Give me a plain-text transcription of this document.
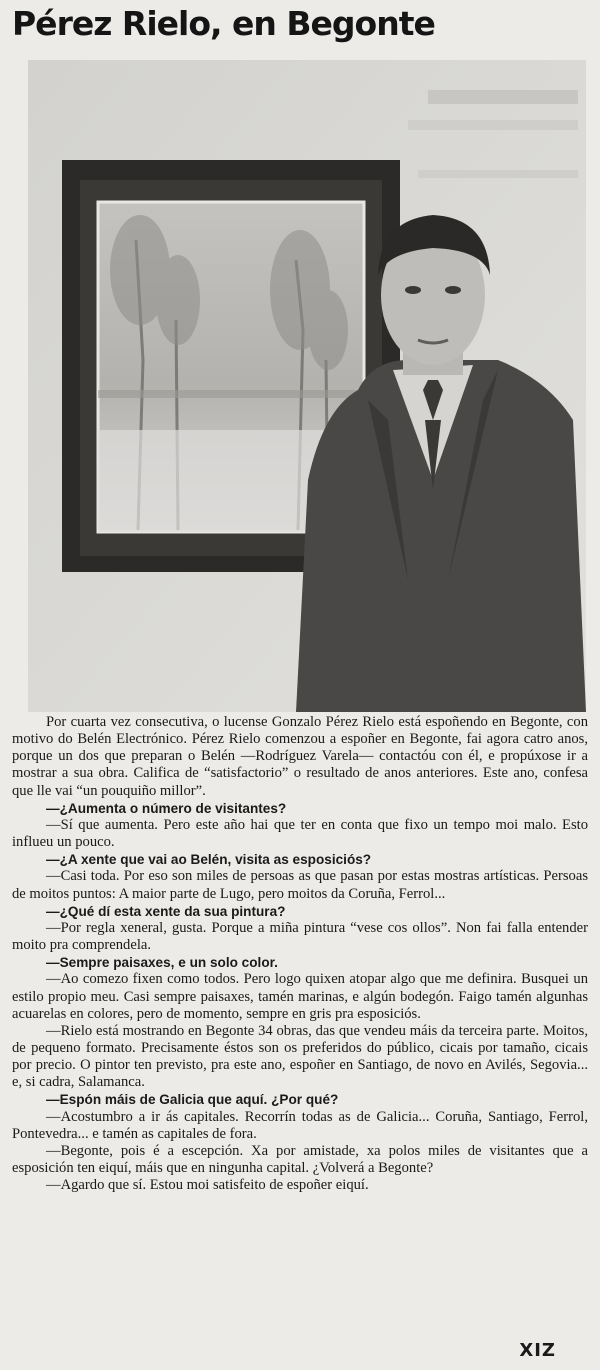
Pérez Rielo, en Begonte

Por cuarta vez consecutiva, o lucense Gonzalo Pérez Rielo está espoñendo en Begonte, con motivo do Belén Electrónico. Pérez Rielo comenzou a espoñer en Begonte, fai agora catro anos, porque un dos que preparan o Belén —Rodríguez Varela— contactóu con él, e propúxose ir a mostrar a sua obra. Califica de “satisfactorio” o resultado de anos anteriores. Este ano, confesa que lle vai “un pouquiño millor”.

—¿Aumenta o número de visitantes?

—Sí que aumenta. Pero este año hai que ter en conta que fixo un tempo moi malo. Esto influeu un pouco.

—¿A xente que vai ao Belén, visita as esposiciós?

—Casi toda. Por eso son miles de persoas as que pasan por estas mostras artísticas. Persoas de moitos puntos: A maior parte de Lugo, pero moitos da Coruña, Ferrol...

—¿Qué dí esta xente da sua pintura?

—Por regla xeneral, gusta. Porque a miña pintura “vese cos ollos”. Non fai falla entender moito pra comprendela.

—Sempre paisaxes, e un solo color.

—Ao comezo fixen como todos. Pero logo quixen atopar algo que me definira. Busquei un estilo propio meu. Casi sempre paisaxes, tamén marinas, e algún bodegón. Faigo tamén algunhas acuarelas en colores, pero de momento, sempre en gris pra esposiciós.

—Rielo está mostrando en Begonte 34 obras, das que vendeu máis da terceira parte. Moitos, de pequeno formato. Precisamente éstos son os preferidos do público, cicais por tamaño, cicais por precio. O pintor ten previsto, pra este ano, espoñer en Santiago, de novo en Avilés, Segovia... e, si cadra, Salamanca.

—Espón máis de Galicia que aquí. ¿Por qué?

—Acostumbro a ir ás capitales. Recorrín todas as de Galicia... Coruña, Santiago, Ferrol, Pontevedra... e tamén as capitales de fora.

—Begonte, pois é a escepción. Xa por amistade, xa polos miles de visitantes que a esposición ten eiquí, máis que en ningunha capital. ¿Volverá a Begonte?

—Agardo que sí. Estou moi satisfeito de espoñer eiquí.

XIZ
